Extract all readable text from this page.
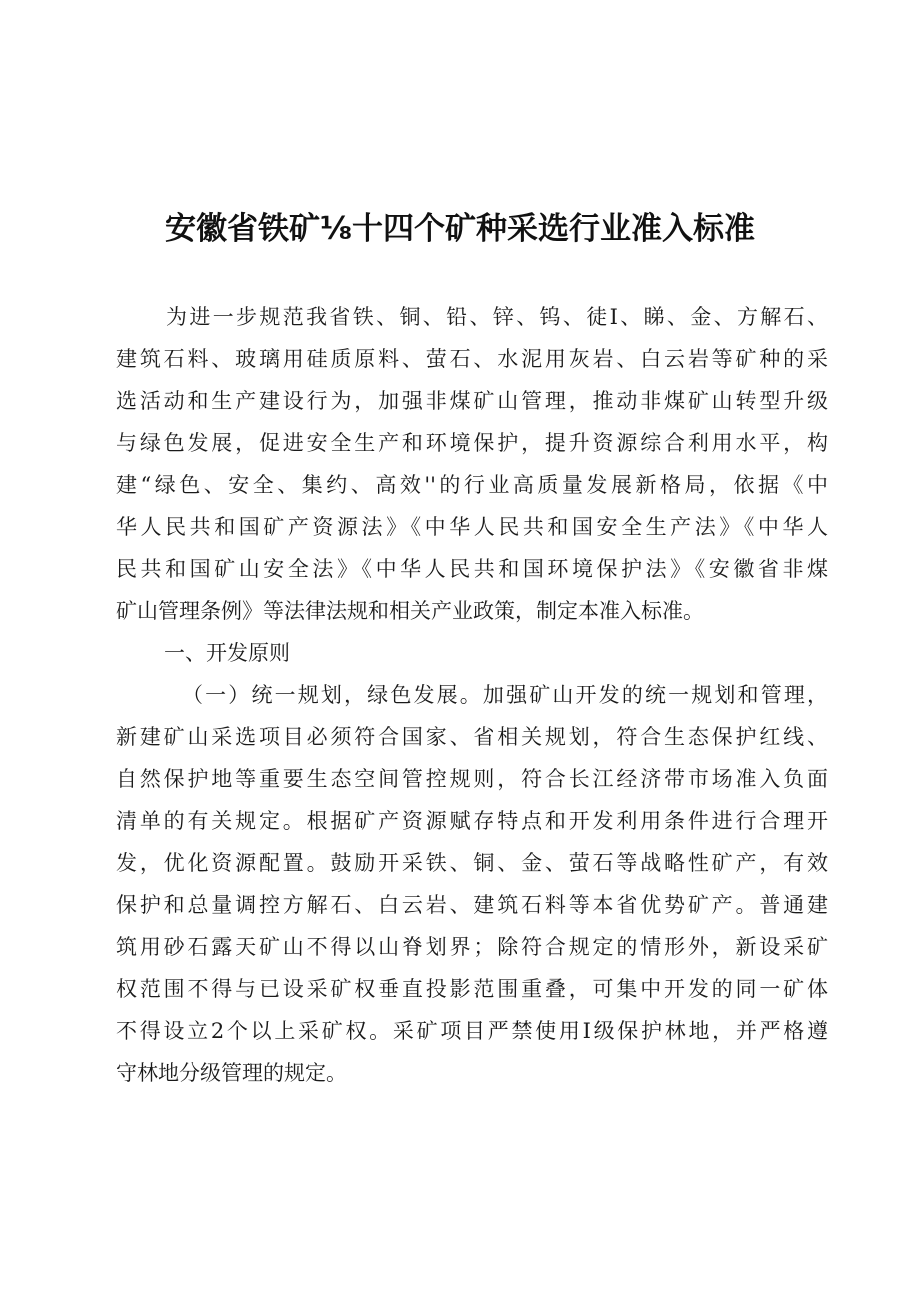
安徽省铁矿⅛十四个矿种采选行业准入标准

为进一步规范我省铁、铜、铅、锌、钨、徒I、睇、金、方解石、
建筑石料、玻璃用硅质原料、萤石、水泥用灰岩、白云岩等矿种的采
选活动和生产建设行为，加强非煤矿山管理，推动非煤矿山转型升级
与绿色发展，促进安全生产和环境保护，提升资源综合利用水平，构
建“绿色、安全、集约、高效''的行业高质量发展新格局，依据《中
华人民共和国矿产资源法》《中华人民共和国安全生产法》《中华人
民共和国矿山安全法》《中华人民共和国环境保护法》《安徽省非煤
矿山管理条例》等法律法规和相关产业政策，制定本准入标准。

一、开发原则

（一）统一规划，绿色发展。加强矿山开发的统一规划和管理，
新建矿山采选项目必须符合国家、省相关规划，符合生态保护红线、
自然保护地等重要生态空间管控规则，符合长江经济带市场准入负面
清单的有关规定。根据矿产资源赋存特点和开发利用条件进行合理开
发，优化资源配置。鼓励开采铁、铜、金、萤石等战略性矿产，有效
保护和总量调控方解石、白云岩、建筑石料等本省优势矿产。普通建
筑用砂石露天矿山不得以山脊划界；除符合规定的情形外，新设采矿
权范围不得与已设采矿权垂直投影范围重叠，可集中开发的同一矿体
不得设立2个以上采矿权。采矿项目严禁使用I级保护林地，并严格遵
守林地分级管理的规定。
